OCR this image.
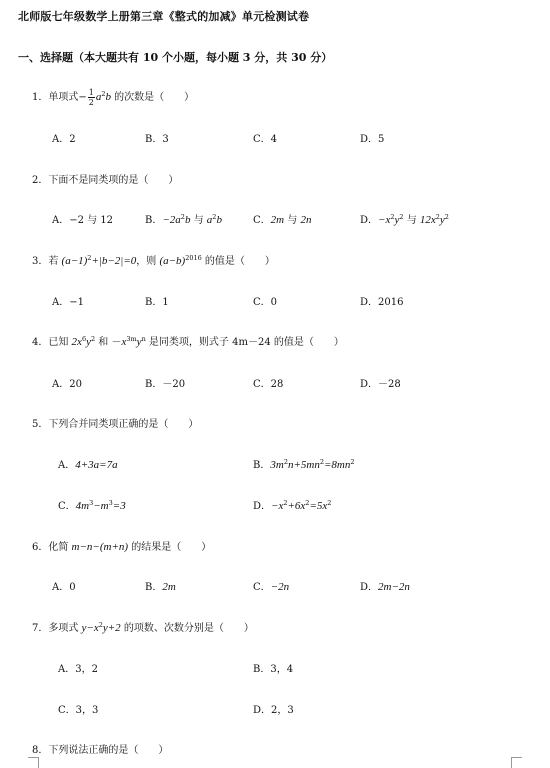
北师版七年级数学上册第三章《整式的加减》单元检测试卷
一、选择题（本大题共有 10 个小题，每小题 3 分，共 30 分）
1．单项式− $\frac{1}{2} a^2b$ 的次数是（　　）
A．2	B．3	C．4	D．5
2．下面不是同类项的是（　　）
A．−2 与 12	B．$-2a^2b$ 与 $a^2b$	C．2m 与 2n	D．$-x^2y^2$ 与 $12x^2y^2$
3．若 $(a-1)^2+|b-2|=0$，则 $(a-b)^{2016}$ 的值是（　　）
A．−1	B．1	C．0	D．2016
4．已知 $2x^6y^2$ 和 $-x^{3m}y^n$ 是同类项，则式子 4m－24 的值是（　　）
A．20	B．－20	C．28	D．－28
5．下列合并同类项正确的是（　　）
A．4+3a=7a	B．$3m^2n+5mn^2=8mn^2$
C．$4m^3-m^3=3$	D．$-x^2+6x^2=5x^2$
6．化简 m−n−(m+n) 的结果是（　　）
A．0	B．2m	C．−2n	D．2m−2n
7．多项式 $y-x^2y+2$ 的项数、次数分别是（　　）
A．3，2	B．3，4
C．3，3	D．2，3
8．下列说法正确的是（　　）
